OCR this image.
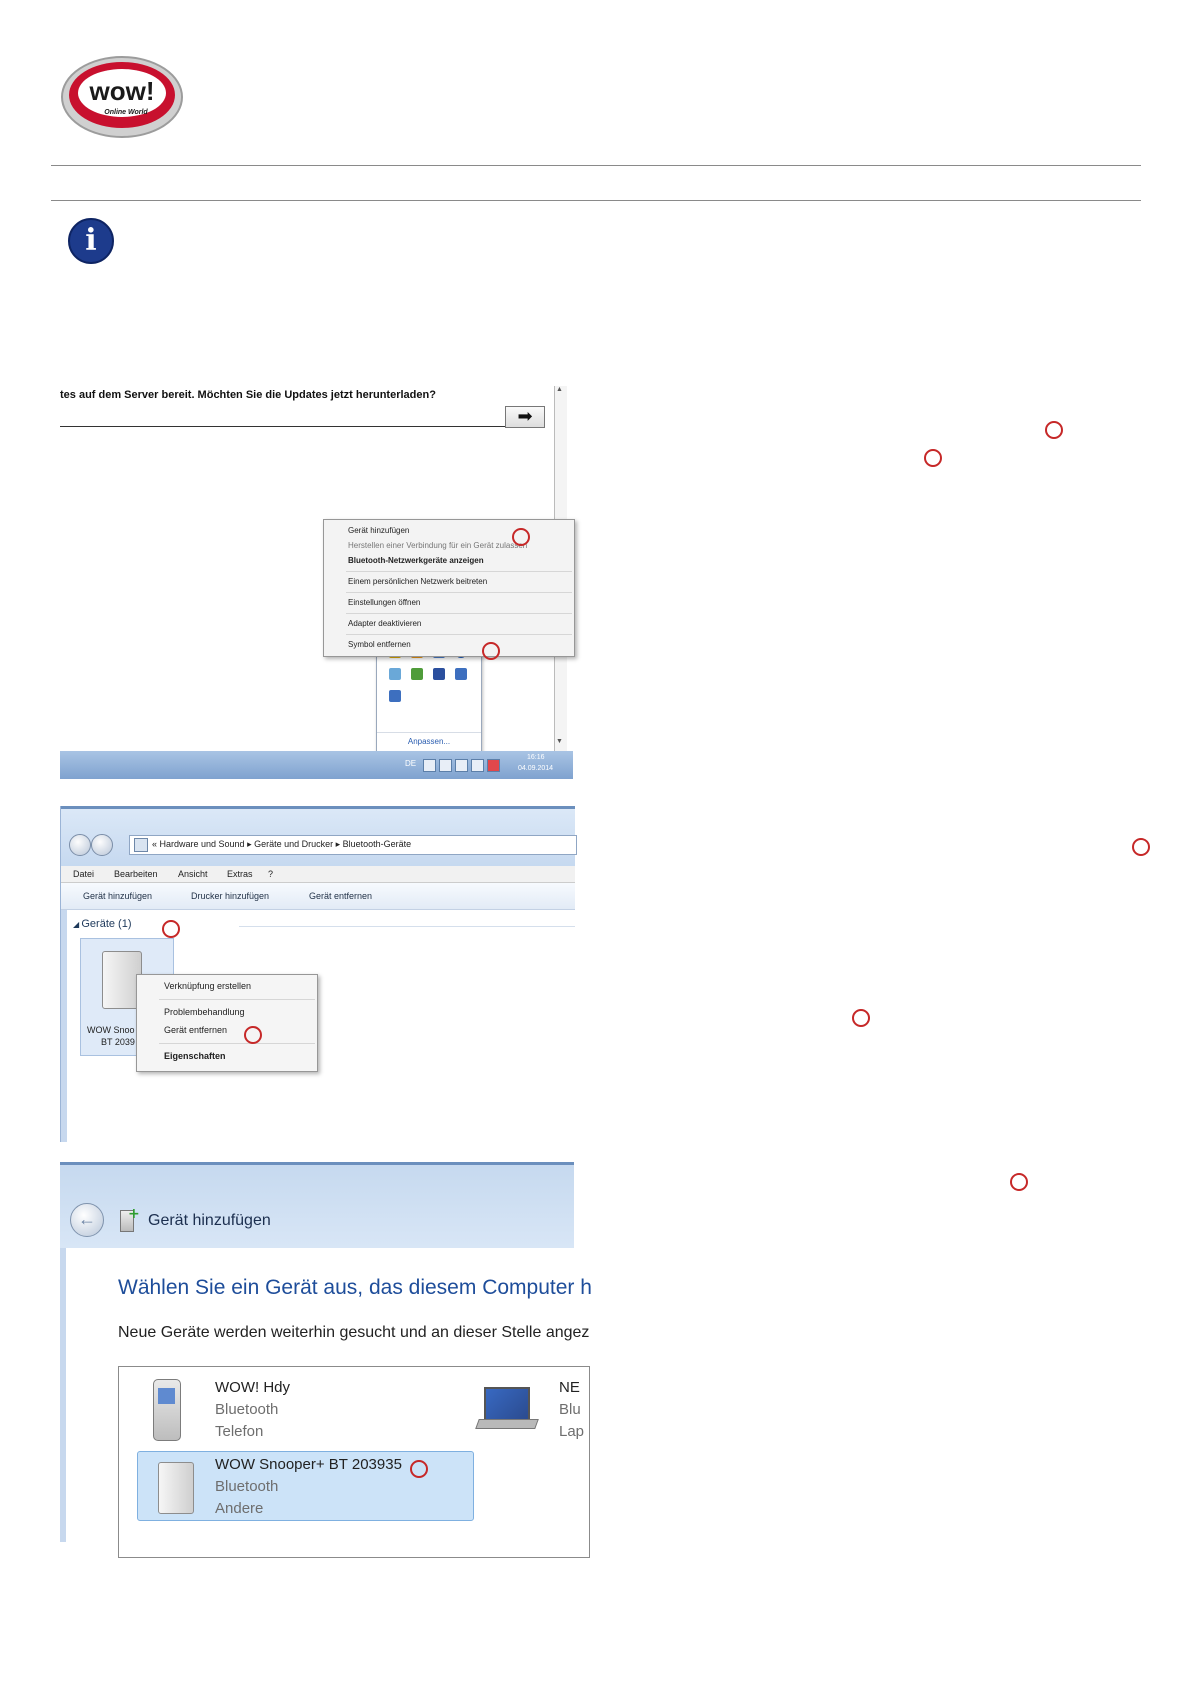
wow!
Online World
i
tes auf dem Server bereit. Möchten Sie die Updates jetzt herunterladen?
➡
▲
▼
Anpassen...
Gerät hinzufügen
Herstellen einer Verbindung für ein Gerät zulassen
Bluetooth-Netzwerkgeräte anzeigen
Einem persönlichen Netzwerk beitreten
Einstellungen öffnen
Adapter deaktivieren
Symbol entfernen
DE
16:16
04.09.2014
« Hardware und Sound ▸ Geräte und Drucker ▸ Bluetooth-Geräte
Datei Bearbeiten Ansicht Extras ?
Gerät hinzufügen	Drucker hinzufügen	Gerät entfernen
◢ Geräte (1)
WOW Snoo
BT 2039
Verknüpfung erstellen
Problembehandlung
Gerät entfernen
Eigenschaften
←	+ Gerät hinzufügen
Wählen Sie ein Gerät aus, das diesem Computer h
Neue Geräte werden weiterhin gesucht und an dieser Stelle angez
WOW! Hdy
Bluetooth
Telefon
NE
Blu
Lap
WOW Snooper+ BT 203935
Bluetooth
Andere
